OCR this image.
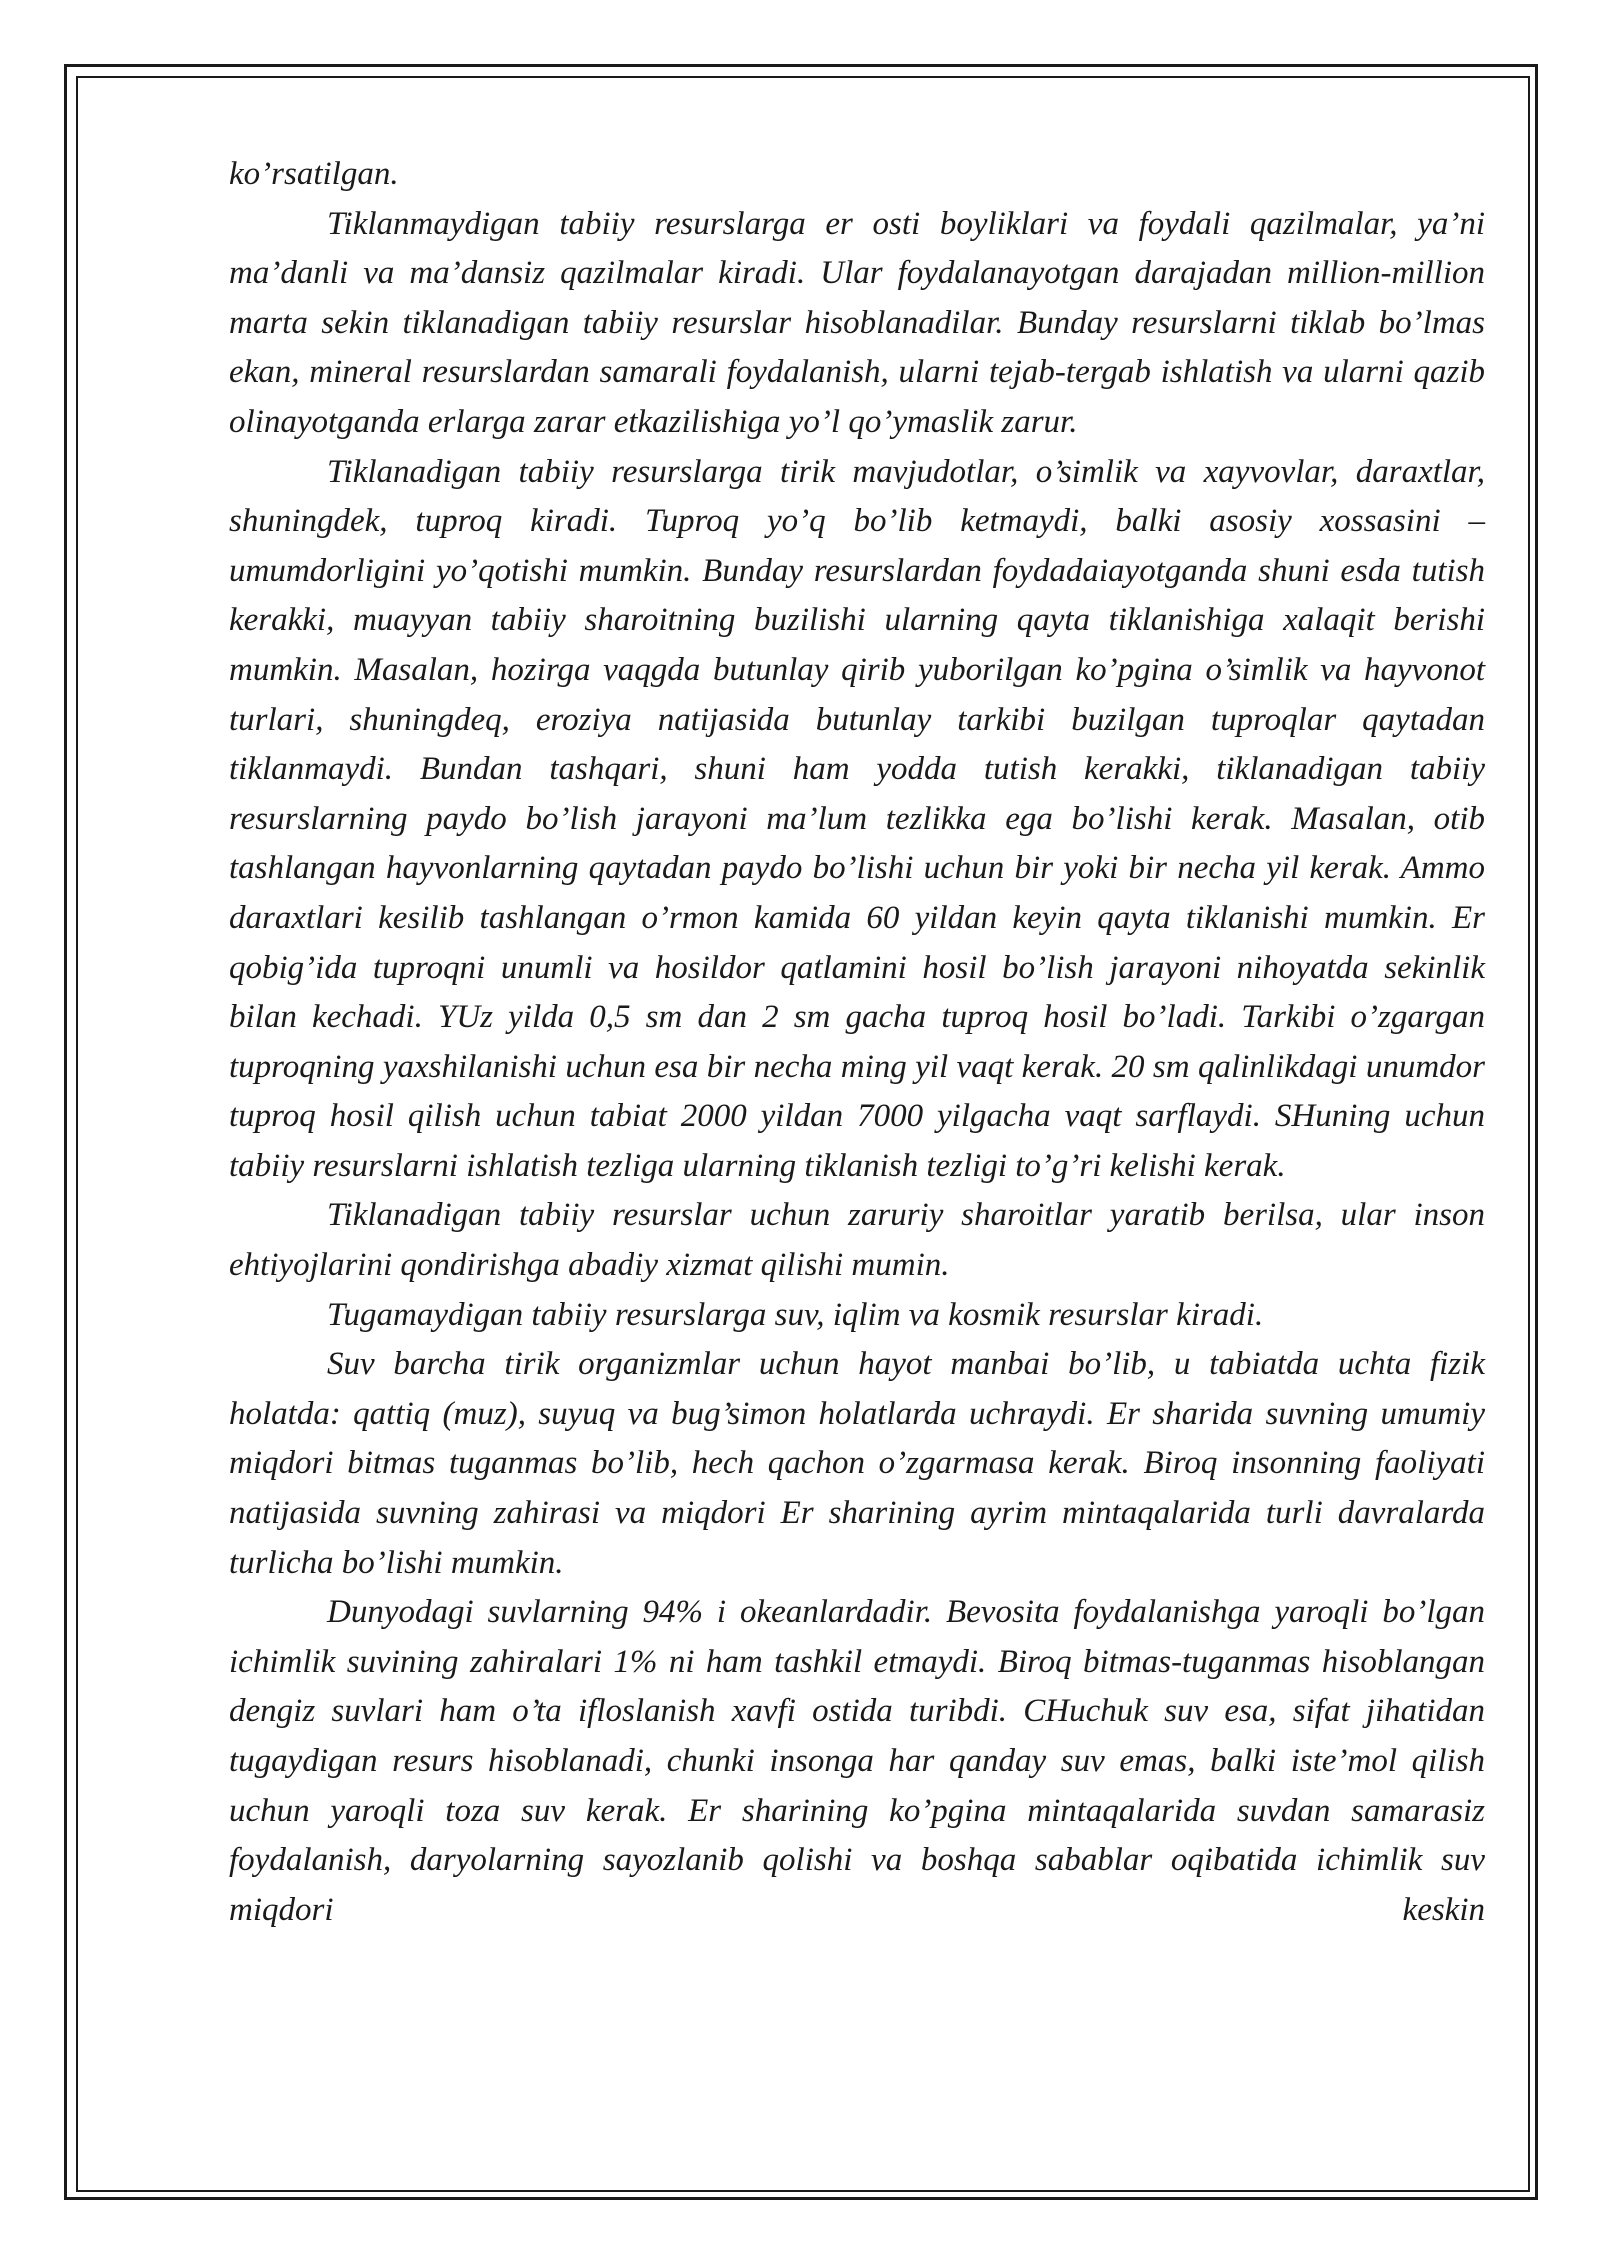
ko’rsatilgan.

Tiklanmaydigan tabiiy resurslarga er osti boyliklari va foydali qazilmalar, ya’ni ma’danli va ma’dansiz qazilmalar kiradi. Ular foydalanayotgan darajadan million-million marta sekin tiklanadigan tabiiy resurslar hisoblanadilar. Bunday resurslarni tiklab bo’lmas ekan, mineral resurslardan samarali foydalanish, ularni tejab-tergab ishlatish va ularni qazib olinayotganda erlarga zarar etkazilishiga yo’l qo’ymaslik zarur.

Tiklanadigan tabiiy resurslarga tirik mavjudotlar, o’simlik va xayvovlar, daraxtlar, shuningdek, tuproq kiradi. Tuproq yo’q bo’lib ketmaydi, balki asosiy xossasini – umumdorligini yo’qotishi mumkin. Bunday resurslardan foydadaiayotganda shuni esda tutish kerakki, muayyan tabiiy sharoitning buzilishi ularning qayta tiklanishiga xalaqit berishi mumkin. Masalan, hozirga vaqgda butunlay qirib yuborilgan ko’pgina o’simlik va hayvonot turlari, shuningdeq, eroziya natijasida butunlay tarkibi buzilgan tuproqlar qaytadan tiklanmaydi. Bundan tashqari, shuni ham yodda tutish kerakki, tiklanadigan tabiiy resurslarning paydo bo’lish jarayoni ma’lum tezlikka ega bo’lishi kerak. Masalan, otib tashlangan hayvonlarning qaytadan paydo bo’lishi uchun bir yoki bir necha yil kerak. Ammo daraxtlari kesilib tashlangan o’rmon kamida 60 yildan keyin qayta tiklanishi mumkin. Er qobig’ida tuproqni unumli va hosildor qatlamini hosil bo’lish jarayoni nihoyatda sekinlik bilan kechadi. YUz yilda 0,5 sm dan 2 sm gacha tuproq hosil bo’ladi. Tarkibi o’zgargan tuproqning yaxshilanishi uchun esa bir necha ming yil vaqt kerak. 20 sm qalinlikdagi unumdor tuproq hosil qilish uchun tabiat 2000 yildan 7000 yilgacha vaqt sarflaydi. SHuning uchun tabiiy resurslarni ishlatish tezliga ularning tiklanish tezligi to’g’ri kelishi kerak.

Tiklanadigan tabiiy resurslar uchun zaruriy sharoitlar yaratib berilsa, ular inson ehtiyojlarini qondirishga abadiy xizmat qilishi mumin.

Tugamaydigan tabiiy resurslarga suv, iqlim va kosmik resurslar kiradi.

Suv barcha tirik organizmlar uchun hayot manbai bo’lib, u tabiatda uchta fizik holatda: qattiq (muz), suyuq va bug’simon holatlarda uchraydi. Er sharida suvning umumiy miqdori bitmas tuganmas bo’lib, hech qachon o’zgarmasa kerak. Biroq insonning faoliyati natijasida suvning zahirasi va miqdori Er sharining ayrim mintaqalarida turli davralarda turlicha bo’lishi mumkin.

Dunyodagi suvlarning 94% i okeanlardadir. Bevosita foydalanishga yaroqli bo’lgan ichimlik suvining zahiralari 1% ni ham tashkil etmaydi. Biroq bitmas-tuganmas hisoblangan dengiz suvlari ham o’ta ifloslanish xavfi ostida turibdi. CHuchuk suv esa, sifat jihatidan tugaydigan resurs hisoblanadi, chunki insonga har qanday suv emas, balki iste’mol qilish uchun yaroqli toza suv kerak. Er sharining ko’pgina mintaqalarida suvdan samarasiz foydalanish, daryolarning sayozlanib qolishi va boshqa sabablar oqibatida ichimlik suv miqdori keskin
